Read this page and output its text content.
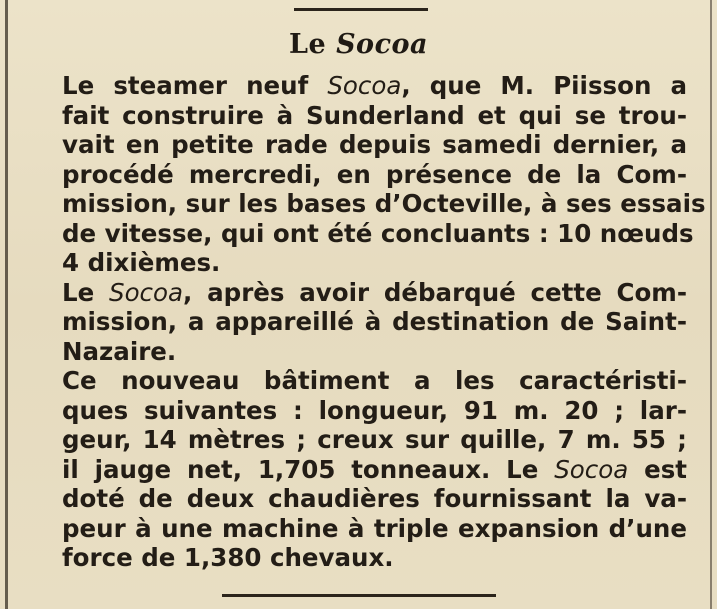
Le Socoa
Le steamer neuf Socoa, que M. Piisson a
fait construire à Sunderland et qui se trou-
vait en petite rade depuis samedi dernier, a
procédé mercredi, en présence de la Com-
mission, sur les bases d’Octeville, à ses essais
de vitesse, qui ont été concluants : 10 nœuds
4 dixièmes.
Le Socoa, après avoir débarqué cette Com-
mission, a appareillé à destination de Saint-
Nazaire.
Ce nouveau bâtiment a les caractéristi-
ques suivantes : longueur, 91 m. 20 ; lar-
geur, 14 mètres ; creux sur quille, 7 m. 55 ;
il jauge net, 1,705 tonneaux. Le Socoa est
doté de deux chaudières fournissant la va-
peur à une machine à triple expansion d’une
force de 1,380 chevaux.
